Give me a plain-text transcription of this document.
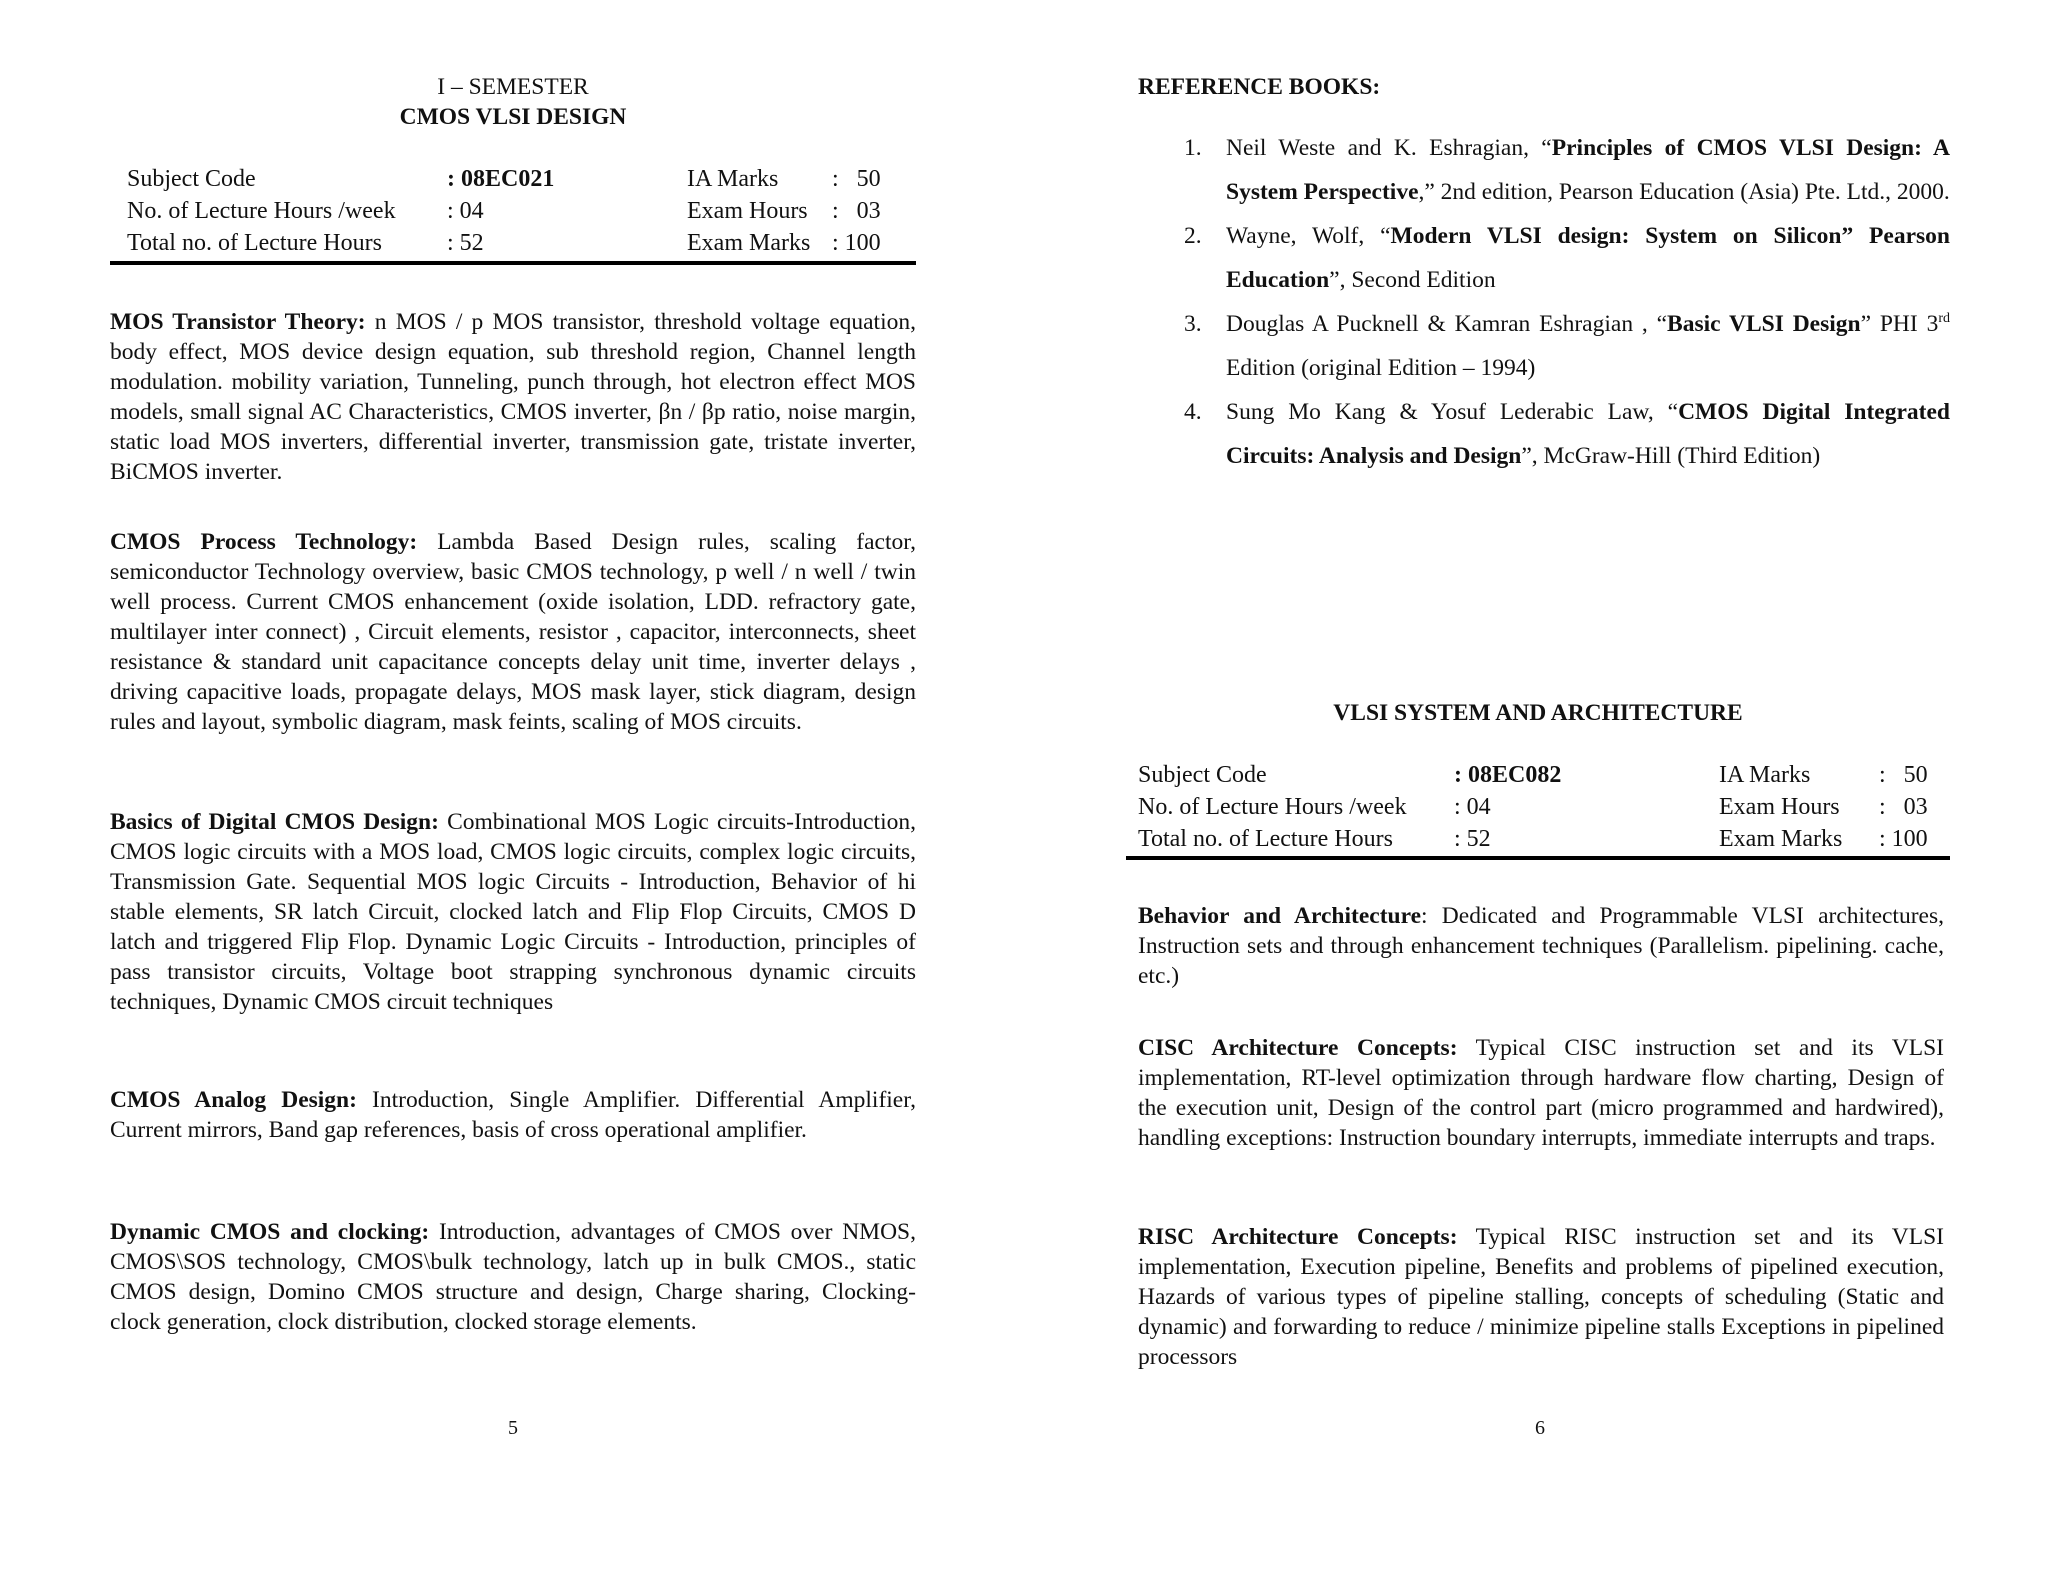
I – SEMESTER
CMOS VLSI DESIGN
Subject Code	: 08EC021	IA Marks	:   50
No. of Lecture Hours /week	: 04	Exam Hours	:   03
Total no. of Lecture Hours	: 52	Exam Marks	: 100

MOS Transistor Theory: n MOS / p MOS transistor, threshold voltage equation, body effect, MOS device design equation, sub threshold region, Channel length modulation. mobility variation, Tunneling, punch through, hot electron effect MOS models, small signal AC Characteristics, CMOS inverter, βn / βp ratio, noise margin, static load MOS inverters, differential inverter, transmission gate, tristate inverter, BiCMOS inverter.

CMOS Process Technology: Lambda Based Design rules, scaling factor, semiconductor Technology overview, basic CMOS technology, p well / n well / twin well process. Current CMOS enhancement (oxide isolation, LDD. refractory gate, multilayer inter connect) , Circuit elements, resistor , capacitor, interconnects, sheet resistance & standard unit capacitance concepts delay unit time, inverter delays , driving capacitive loads, propagate delays, MOS mask layer, stick diagram, design rules and layout, symbolic diagram, mask feints, scaling of MOS circuits.

Basics of Digital CMOS Design: Combinational MOS Logic circuits-Introduction, CMOS logic circuits with a MOS load, CMOS logic circuits, complex logic circuits, Transmission Gate. Sequential MOS logic Circuits - Introduction, Behavior of hi stable elements, SR latch Circuit, clocked latch and Flip Flop Circuits, CMOS D latch and triggered Flip Flop. Dynamic Logic Circuits - Introduction, principles of pass transistor circuits, Voltage boot strapping synchronous dynamic circuits techniques, Dynamic CMOS circuit techniques

CMOS Analog Design: Introduction, Single Amplifier. Differential Amplifier, Current mirrors, Band gap references, basis of cross operational amplifier.

Dynamic CMOS and clocking: Introduction, advantages of CMOS over NMOS, CMOS\SOS technology, CMOS\bulk technology, latch up in bulk CMOS., static CMOS design, Domino CMOS structure and design, Charge sharing, Clocking- clock generation, clock distribution, clocked storage elements.

5
REFERENCE BOOKS:
1. Neil Weste and K. Eshragian, “Principles of CMOS VLSI Design: A System Perspective,” 2nd edition, Pearson Education (Asia) Pte. Ltd., 2000.
2. Wayne, Wolf, “Modern VLSI design: System on Silicon” Pearson Education”, Second Edition
3. Douglas A Pucknell & Kamran Eshragian , “Basic VLSI Design” PHI 3rd Edition (original Edition – 1994)
4. Sung Mo Kang & Yosuf Lederabic Law, “CMOS Digital Integrated Circuits: Analysis and Design”, McGraw-Hill (Third Edition)
VLSI SYSTEM AND ARCHITECTURE
Subject Code	: 08EC082	IA Marks	:   50
No. of Lecture Hours /week	: 04	Exam Hours	:   03
Total no. of Lecture Hours	: 52	Exam Marks	: 100

Behavior and Architecture: Dedicated and Programmable VLSI architectures, Instruction sets and through enhancement techniques (Parallelism. pipelining. cache, etc.)

CISC Architecture Concepts: Typical CISC instruction set and its VLSI implementation, RT-level optimization through hardware flow charting, Design of the execution unit, Design of the control part (micro programmed and hardwired), handling exceptions: Instruction boundary interrupts, immediate interrupts and traps.

RISC Architecture Concepts: Typical RISC instruction set and its VLSI implementation, Execution pipeline, Benefits and problems of pipelined execution, Hazards of various types of pipeline stalling, concepts of scheduling (Static and dynamic) and forwarding to reduce / minimize pipeline stalls Exceptions in pipelined processors

6
